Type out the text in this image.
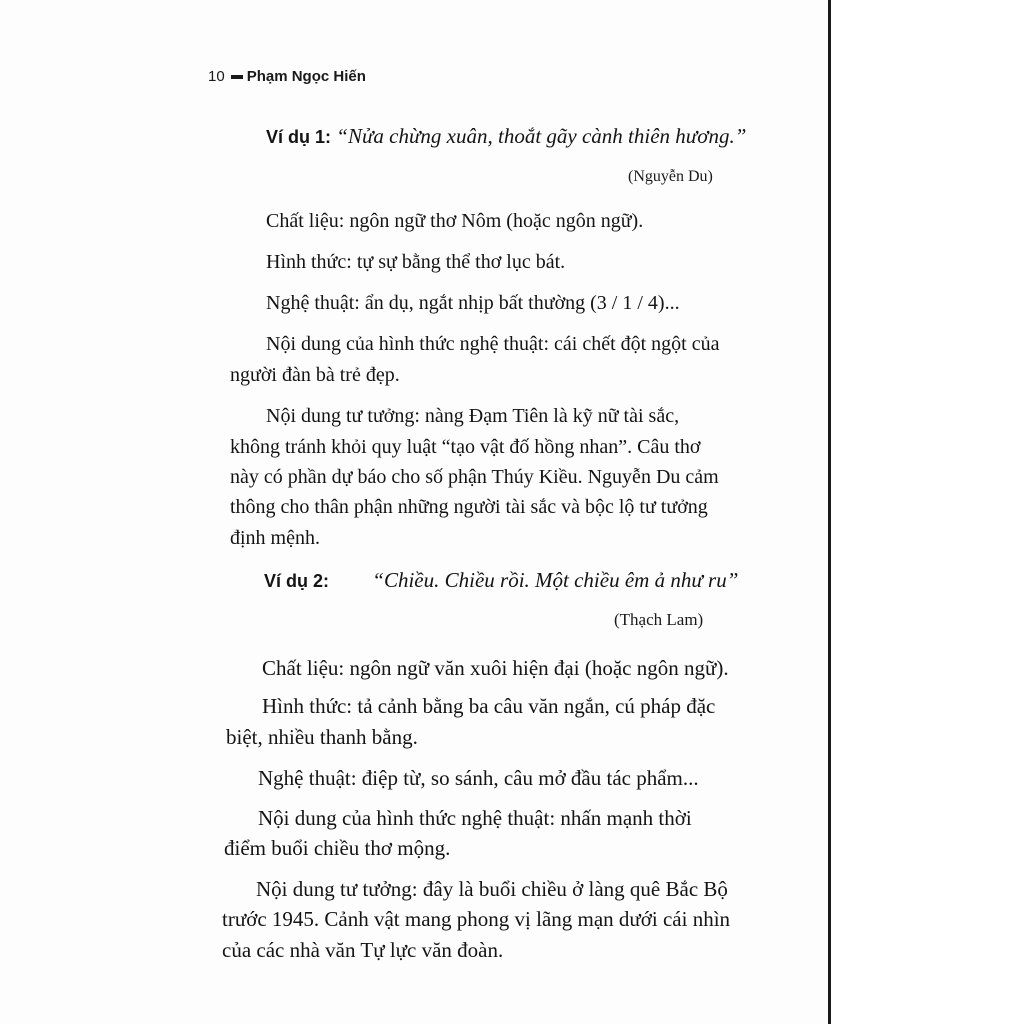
10 Phạm Ngọc Hiến
Ví dụ 1: “Nửa chừng xuân, thoắt gãy cành thiên hương.”
(Nguyễn Du)
Chất liệu: ngôn ngữ thơ Nôm (hoặc ngôn ngữ).
Hình thức: tự sự bằng thể thơ lục bát.
Nghệ thuật: ẩn dụ, ngắt nhịp bất thường (3 / 1 / 4)...
Nội dung của hình thức nghệ thuật: cái chết đột ngột của
người đàn bà trẻ đẹp.
Nội dung tư tưởng: nàng Đạm Tiên là kỹ nữ tài sắc,
không tránh khỏi quy luật “tạo vật đố hồng nhan”. Câu thơ
này có phần dự báo cho số phận Thúy Kiều. Nguyễn Du cảm
thông cho thân phận những người tài sắc và bộc lộ tư tưởng
định mệnh.
Ví dụ 2: “Chiều. Chiều rồi. Một chiều êm ả như ru”
(Thạch Lam)
Chất liệu: ngôn ngữ văn xuôi hiện đại (hoặc ngôn ngữ).
Hình thức: tả cảnh bằng ba câu văn ngắn, cú pháp đặc
biệt, nhiều thanh bằng.
Nghệ thuật: điệp từ, so sánh, câu mở đầu tác phẩm...
Nội dung của hình thức nghệ thuật: nhấn mạnh thời
điểm buổi chiều thơ mộng.
Nội dung tư tưởng: đây là buổi chiều ở làng quê Bắc Bộ
trước 1945. Cảnh vật mang phong vị lãng mạn dưới cái nhìn
của các nhà văn Tự lực văn đoàn.
